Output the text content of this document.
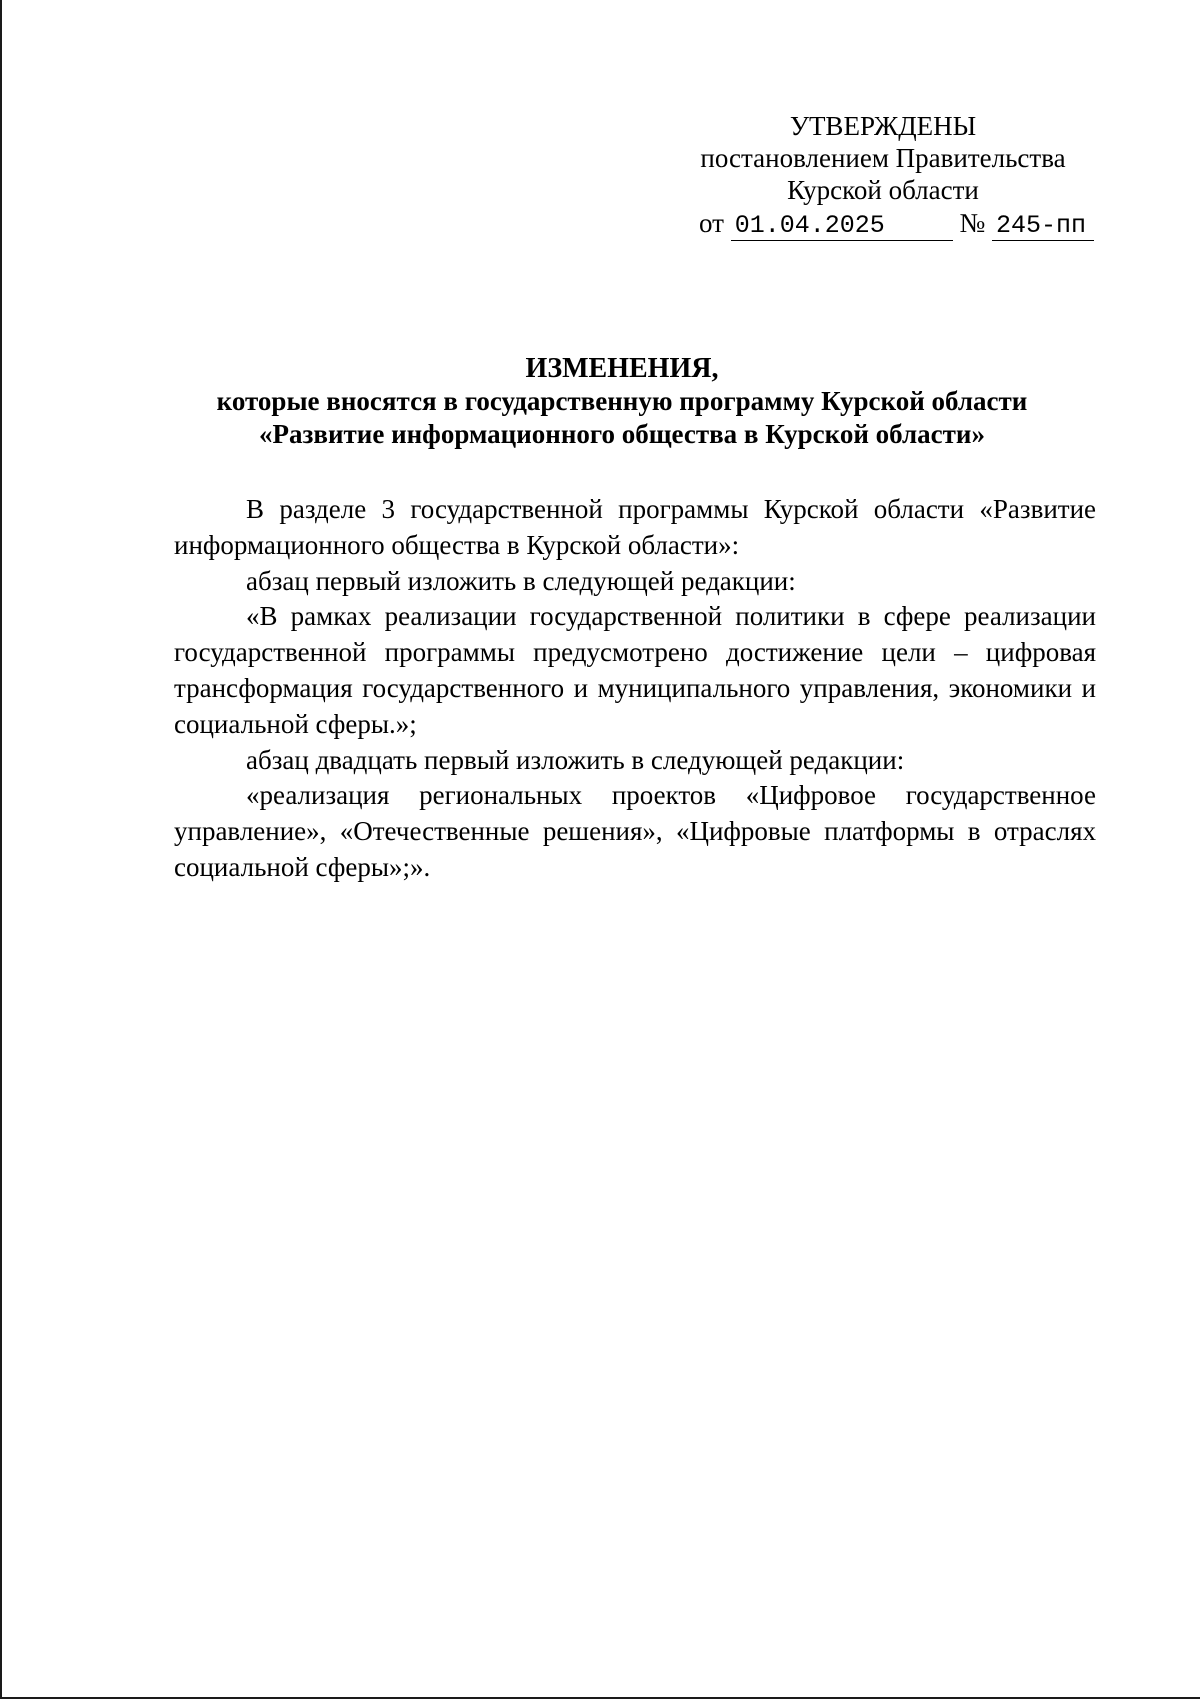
УТВЕРЖДЕНЫ
постановлением Правительства
Курской области
от 01.04.2025	№ 245-пп
ИЗМЕНЕНИЯ,
которые вносятся в государственную программу Курской области
«Развитие информационного общества в Курской области»

В разделе 3 государственной программы Курской области «Развитие информационного общества в Курской области»:

абзац первый изложить в следующей редакции:

«В рамках реализации государственной политики в сфере реализации государственной программы предусмотрено достижение цели – цифровая трансформация государственного и муниципального управления, экономики и социальной сферы.»;

абзац двадцать первый изложить в следующей редакции:

«реализация региональных проектов «Цифровое государственное управление», «Отечественные решения», «Цифровые платформы в отраслях социальной сферы»;».
